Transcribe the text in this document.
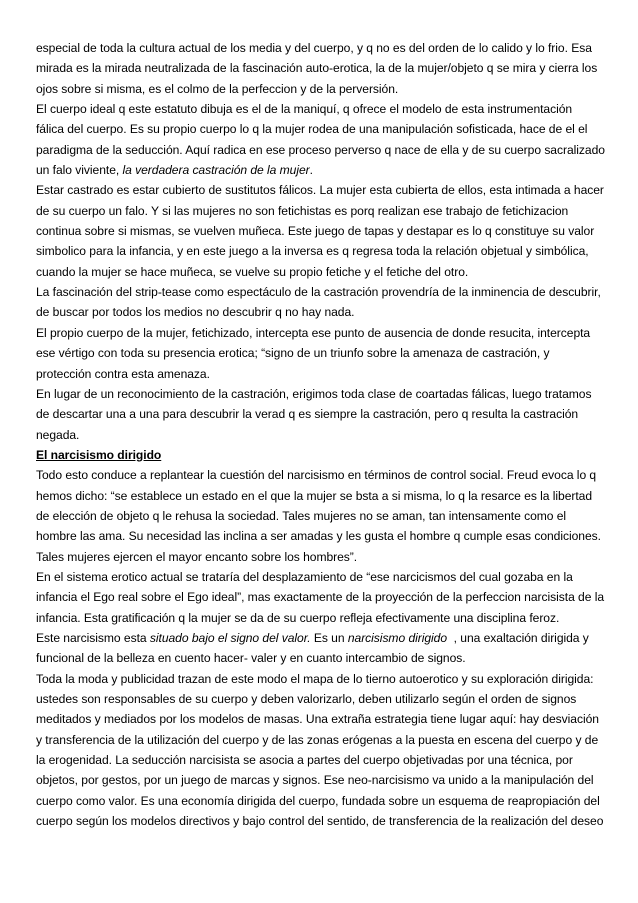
especial de toda la cultura actual de los media y del cuerpo, y q no es del orden de lo calido y lo frio. Esa
mirada es la mirada neutralizada de la fascinación auto-erotica, la de la mujer/objeto q se mira y cierra los
ojos sobre si misma, es el colmo de la perfeccion y de la perversión.
El cuerpo ideal q este estatuto dibuja es el de la maniquí, q ofrece el modelo de esta instrumentación
fálica del cuerpo. Es su propio cuerpo lo q la mujer rodea de una manipulación sofisticada, hace de el el
paradigma de la seducción. Aquí radica en ese proceso perverso q nace de ella y de su cuerpo sacralizado
un falo viviente, la verdadera castración de la mujer.
Estar castrado es estar cubierto de sustitutos fálicos. La mujer esta cubierta de ellos, esta intimada a hacer
de su cuerpo un falo. Y si las mujeres no son fetichistas es porq realizan ese trabajo de fetichizacion
continua sobre si mismas, se vuelven muñeca. Este juego de tapas y destapar es lo q constituye su valor
simbolico para la infancia, y en este juego a la inversa es q regresa toda la relación objetual y simbólica,
cuando la mujer se hace muñeca, se vuelve su propio fetiche y el fetiche del otro.
La fascinación del strip-tease como espectáculo de la castración provendría de la inminencia de descubrir,
de buscar por todos los medios no descubrir q no hay nada.
El propio cuerpo de la mujer, fetichizado, intercepta ese punto de ausencia de donde resucita, intercepta
ese vértigo con toda su presencia erotica; “signo de un triunfo sobre la amenaza de castración, y
protección contra esta amenaza.
En lugar de un reconocimiento de la castración, erigimos toda clase de coartadas fálicas, luego tratamos
de descartar una a una para descubrir la verad q es siempre la castración, pero q resulta la castración
negada.
El narcisismo dirigido
Todo esto conduce a replantear la cuestión del narcisismo en términos de control social. Freud evoca lo q
hemos dicho: “se establece un estado en el que la mujer se bsta a si misma, lo q la resarce es la libertad
de elección de objeto q le rehusa la sociedad. Tales mujeres no se aman, tan intensamente como el
hombre las ama. Su necesidad las inclina a ser amadas y les gusta el hombre q cumple esas condiciones.
Tales mujeres ejercen el mayor encanto sobre los hombres”.
En el sistema erotico actual se trataría del desplazamiento de “ese narcicismos del cual gozaba en la
infancia el Ego real sobre el Ego ideal”, mas exactamente de la proyección de la perfeccion narcisista de la
infancia. Esta gratificación q la mujer se da de su cuerpo refleja efectivamente una disciplina feroz.
Este narcisismo esta situado bajo el signo del valor. Es un narcisismo dirigido  , una exaltación dirigida y
funcional de la belleza en cuento hacer- valer y en cuanto intercambio de signos.
Toda la moda y publicidad trazan de este modo el mapa de lo tierno autoerotico y su exploración dirigida:
ustedes son responsables de su cuerpo y deben valorizarlo, deben utilizarlo según el orden de signos
meditados y mediados por los modelos de masas. Una extraña estrategia tiene lugar aquí: hay desviación
y transferencia de la utilización del cuerpo y de las zonas erógenas a la puesta en escena del cuerpo y de
la erogenidad. La seducción narcisista se asocia a partes del cuerpo objetivadas por una técnica, por
objetos, por gestos, por un juego de marcas y signos. Ese neo-narcisismo va unido a la manipulación del
cuerpo como valor. Es una economía dirigida del cuerpo, fundada sobre un esquema de reapropiación del
cuerpo según los modelos directivos y bajo control del sentido, de transferencia de la realización del deseo
